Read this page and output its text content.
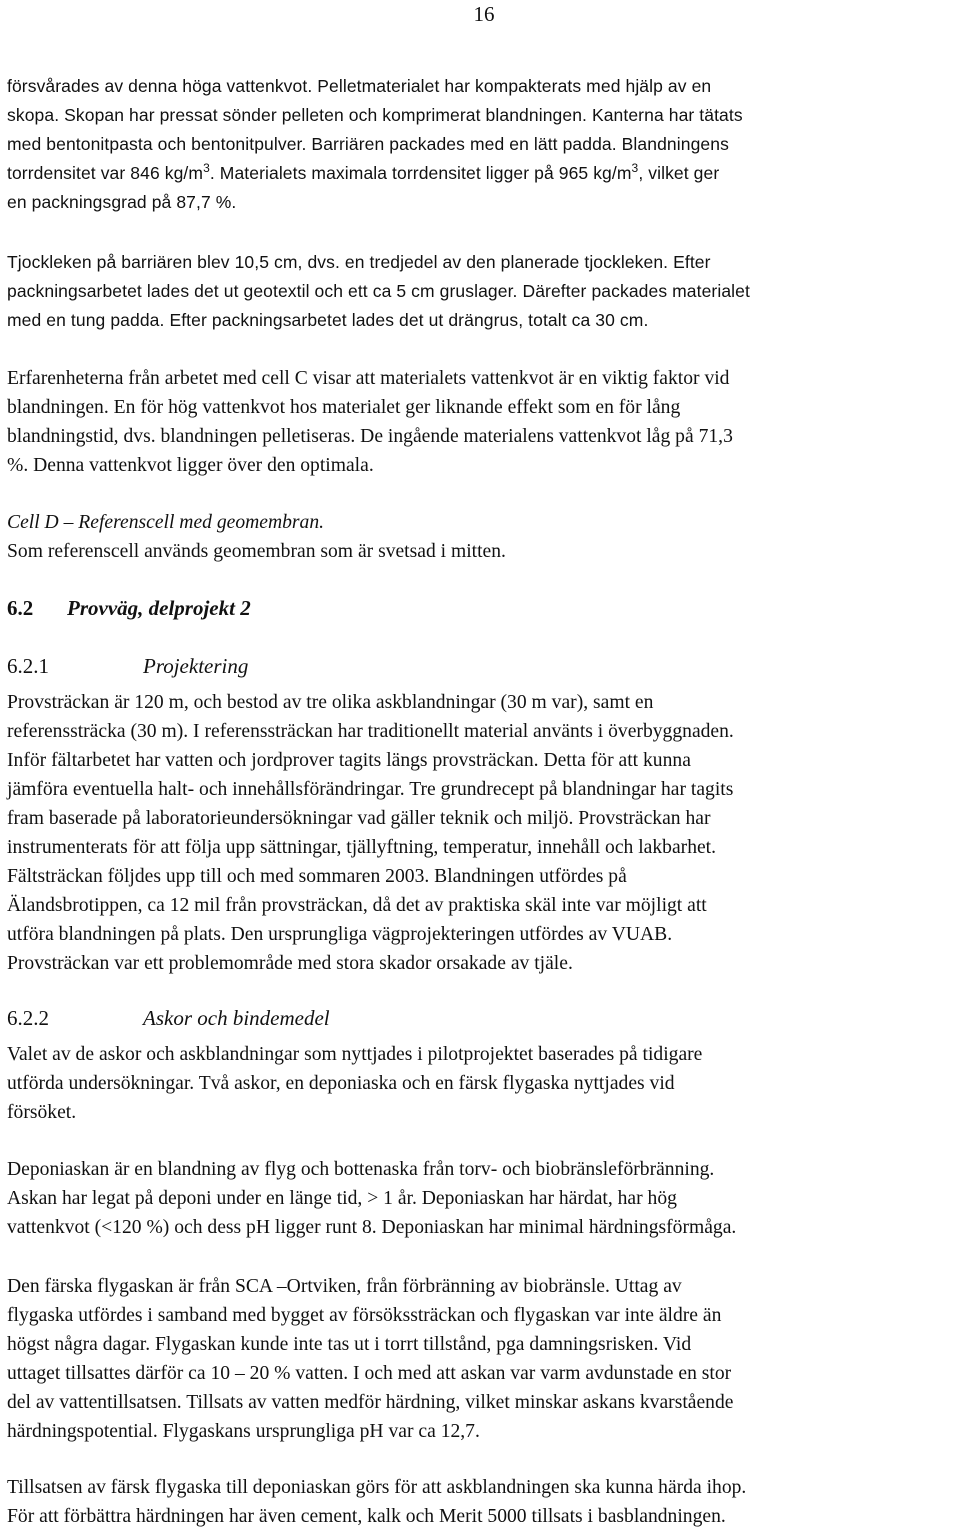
16
försvårades av denna höga vattenkvot. Pelletmaterialet har kompakterats med hjälp av en
skopa. Skopan har pressat sönder pelleten och komprimerat blandningen. Kanterna har tätats
med bentonitpasta och bentonitpulver. Barriären packades med en lätt padda. Blandningens
torrdensitet var 846 $kg/m^3$. Materialets maximala torrdensitet ligger på 965 $kg/m^3$, vilket ger
en packningsgrad på 87,7 %.
Tjockleken på barriären blev 10,5 cm, dvs. en tredjedel av den planerade tjockleken. Efter
packningsarbetet lades det ut geotextil och ett ca 5 cm gruslager. Därefter packades materialet
med en tung padda. Efter packningsarbetet lades det ut drängrus, totalt ca 30 cm.
Erfarenheterna från arbetet med cell C visar att materialets vattenkvot är en viktig faktor vid
blandningen. En för hög vattenkvot hos materialet ger liknande effekt som en för lång
blandningstid, dvs. blandningen pelletiseras. De ingående materialens vattenkvot låg på 71,3
%. Denna vattenkvot ligger över den optimala.
Cell D – Referenscell med geomembran.
Som referenscell används geomembran som är svetsad i mitten.
6.2 Provväg, delprojekt 2
6.2.1	Projektering
Provsträckan är 120 m, och bestod av tre olika askblandningar (30 m var), samt en
referenssträcka (30 m). I referenssträckan har traditionellt material använts i överbyggnaden.
Inför fältarbetet har vatten och jordprover tagits längs provsträckan. Detta för att kunna
jämföra eventuella halt- och innehållsförändringar. Tre grundrecept på blandningar har tagits
fram baserade på laboratorieundersökningar vad gäller teknik och miljö. Provsträckan har
instrumenterats för att följa upp sättningar, tjällyftning, temperatur, innehåll och lakbarhet.
Fältsträckan följdes upp till och med sommaren 2003. Blandningen utfördes på
Älandsbrotippen, ca 12 mil från provsträckan, då det av praktiska skäl inte var möjligt att
utföra blandningen på plats. Den ursprungliga vägprojekteringen utfördes av VUAB.
Provsträckan var ett problemområde med stora skador orsakade av tjäle.
6.2.2	Askor och bindemedel
Valet av de askor och askblandningar som nyttjades i pilotprojektet baserades på tidigare
utförda undersökningar. Två askor, en deponiaska och en färsk flygaska nyttjades vid
försöket.
Deponiaskan är en blandning av flyg och bottenaska från torv- och biobränsleförbränning.
Askan har legat på deponi under en länge tid, > 1 år. Deponiaskan har härdat, har hög
vattenkvot (<120 %) och dess pH ligger runt 8. Deponiaskan har minimal härdningsförmåga.
Den färska flygaskan är från SCA –Ortviken, från förbränning av biobränsle. Uttag av
flygaska utfördes i samband med bygget av försökssträckan och flygaskan var inte äldre än
högst några dagar. Flygaskan kunde inte tas ut i torrt tillstånd, pga damningsrisken. Vid
uttaget tillsattes därför ca 10 – 20 % vatten. I och med att askan var varm avdunstade en stor
del av vattentillsatsen. Tillsats av vatten medför härdning, vilket minskar askans kvarstående
härdningspotential. Flygaskans ursprungliga pH var ca 12,7.
Tillsatsen av färsk flygaska till deponiaskan görs för att askblandningen ska kunna härda ihop.
För att förbättra härdningen har även cement, kalk och Merit 5000 tillsats i basblandningen.
